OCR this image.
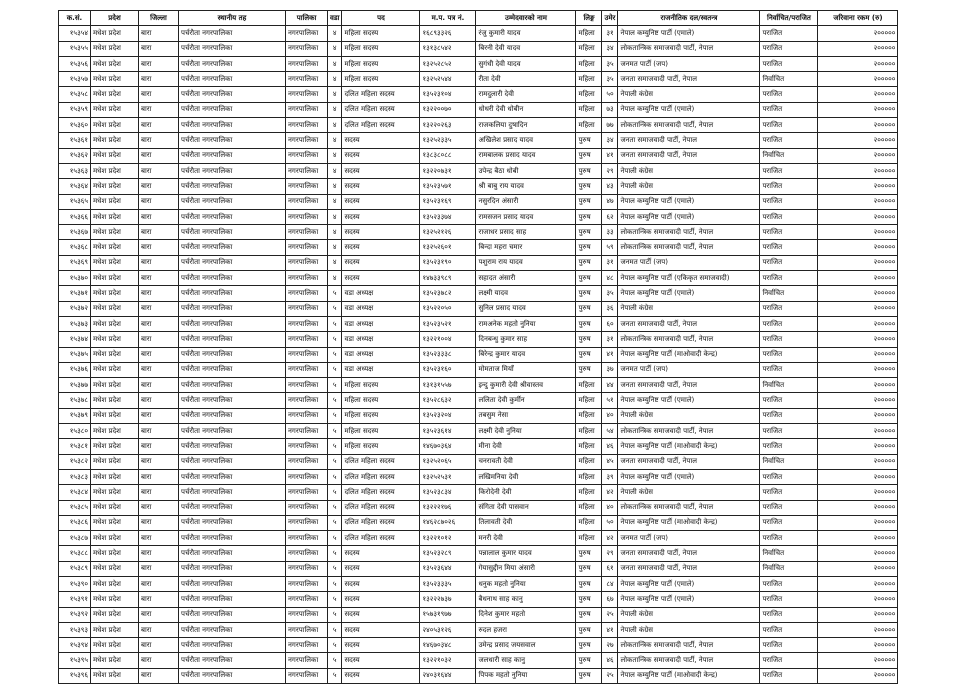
क.सं.	प्रदेश	जिल्ला	स्थानीय तह	पालिका	वडा	पद	म.प. पत्र नं.	उम्मेदवारको नाम	लिङ्ग	उमेर	राजनीतिक दल/स्वतन्त्र	निर्वाचित/पराजित	जरिवाना रकम (रु)
१५३५४	मधेश प्रदेश	बारा	पर्चरौता नगरपालिका	नगरपालिका	४	महिला सदस्य	१६८९३३२६	रंजु कुमारी यादव	महिला	३१	नेपाल कम्युनिष्ट पार्टी (एमाले)	पराजित	२०००००
१५३५५	मधेश प्रदेश	बारा	पर्चरौता नगरपालिका	नगरपालिका	४	महिला सदस्य	१३१३८५४२	बिरनी देवी यादव	महिला	३४	लोकतान्त्रिक समाजवादी पार्टी, नेपाल	पराजित	२०००००
१५३५६	मधेश प्रदेश	बारा	पर्चरौता नगरपालिका	नगरपालिका	४	महिला सदस्य	१३२५२८५२	सुगंधी देवी यादव	महिला	३५	जनमत पार्टी (जप)	पराजित	२०००००
१५३५७	मधेश प्रदेश	बारा	पर्चरौता नगरपालिका	नगरपालिका	४	महिला सदस्य	१३२५२५४४	रीता देवी	महिला	३५	जनता समाजवादी पार्टी, नेपाल	निर्वाचित	२०००००
१५३५८	मधेश प्रदेश	बारा	पर्चरौता नगरपालिका	नगरपालिका	४	दलित महिला सदस्य	१३५२३१०४	रामदुलारी देवी	महिला	५०	नेपाली कंग्रेस	पराजित	२०००००
१५३५९	मधेश प्रदेश	बारा	पर्चरौता नगरपालिका	नगरपालिका	४	दलित महिला सदस्य	१३२२००७०	धोधरी देवी धोबीन	महिला	७३	नेपाल कम्युनिष्ट पार्टी (एमाले)	पराजित	२०००००
१५३६०	मधेश प्रदेश	बारा	पर्चरौता नगरपालिका	नगरपालिका	४	दलित महिला सदस्य	१३२२०२६३	राजकलिया दुषादिन	महिला	७७	लोकतान्त्रिक समाजवादी पार्टी, नेपाल	पराजित	२०००००
१५३६१	मधेश प्रदेश	बारा	पर्चरौता नगरपालिका	नगरपालिका	४	सदस्य	१३२५२३३५	अखिलेश प्रसाद यादव	पुरुष	३४	जनता समाजवादी पार्टी, नेपाल	पराजित	२०००००
१५३६२	मधेश प्रदेश	बारा	पर्चरौता नगरपालिका	नगरपालिका	४	सदस्य	१३८३८०८८	रामबालक प्रसाद यादव	पुरुष	४१	जनता समाजवादी पार्टी, नेपाल	निर्वाचित	२०००००
१५३६३	मधेश प्रदेश	बारा	पर्चरौता नगरपालिका	नगरपालिका	४	सदस्य	१३२२०७३१	उपेन्द्र बैठा धोबी	पुरुष	२९	नेपाली कंग्रेस	पराजित	२०००००
१५३६४	मधेश प्रदेश	बारा	पर्चरौता नगरपालिका	नगरपालिका	४	सदस्य	१३५२३५७१	श्री बाबु राय यादव	पुरुष	४३	नेपाली कंग्रेस	पराजित	२०००००
१५३६५	मधेश प्रदेश	बारा	पर्चरौता नगरपालिका	नगरपालिका	४	सदस्य	१३५२३१६९	नसुरदिन अंसारी	पुरुष	४७	नेपाल कम्युनिष्ट पार्टी (एमाले)	पराजित	२०००००
१५३६६	मधेश प्रदेश	बारा	पर्चरौता नगरपालिका	नगरपालिका	४	सदस्य	१३५२३३७४	रामसजन प्रसाद यादव	पुरुष	६२	नेपाल कम्युनिष्ट पार्टी (एमाले)	पराजित	२०००००
१५३६७	मधेश प्रदेश	बारा	पर्चरौता नगरपालिका	नगरपालिका	४	सदस्य	१३२५२१२६	राजाधर प्रसाद साह	पुरुष	३३	लोकतान्त्रिक समाजवादी पार्टी, नेपाल	पराजित	२०००००
१५३६८	मधेश प्रदेश	बारा	पर्चरौता नगरपालिका	नगरपालिका	४	सदस्य	१३२५२६०१	बिन्दा महरा चमार	पुरुष	५९	लोकतान्त्रिक समाजवादी पार्टी, नेपाल	पराजित	२०००००
१५३६९	मधेश प्रदेश	बारा	पर्चरौता नगरपालिका	नगरपालिका	४	सदस्य	१३५२३१९०	पशुराम राय यादव	पुरुष	३१	जनमत पार्टी (जप)	पराजित	२०००००
१५३७०	मधेश प्रदेश	बारा	पर्चरौता नगरपालिका	नगरपालिका	४	सदस्य	१४७३३९८९	सहादत अंसारी	पुरुष	४८	नेपाल कम्युनिष्ट पार्टी (एकिकृत समाजवादी)	पराजित	२०००००
१५३७१	मधेश प्रदेश	बारा	पर्चरौता नगरपालिका	नगरपालिका	५	वडा अध्यक्ष	१३५२३७८२	लक्ष्मी यादव	पुरुष	३५	नेपाल कम्युनिष्ट पार्टी (एमाले)	निर्वाचित	२०००००
१५३७२	मधेश प्रदेश	बारा	पर्चरौता नगरपालिका	नगरपालिका	५	वडा अध्यक्ष	१३५२२०५०	सुनिल प्रसाद यादव	पुरुष	३६	नेपाली कंग्रेस	पराजित	२०००००
१५३७३	मधेश प्रदेश	बारा	पर्चरौता नगरपालिका	नगरपालिका	५	वडा अध्यक्ष	१३५२३५२१	रामअनेक महतो नुनिया	पुरुष	६०	जनता समाजवादी पार्टी, नेपाल	पराजित	२०००००
१५३७४	मधेश प्रदेश	बारा	पर्चरौता नगरपालिका	नगरपालिका	५	वडा अध्यक्ष	१३२२१००४	दिनबन्धु कुमार साह	पुरुष	३१	लोकतान्त्रिक समाजवादी पार्टी, नेपाल	पराजित	२०००००
१५३७५	मधेश प्रदेश	बारा	पर्चरौता नगरपालिका	नगरपालिका	५	वडा अध्यक्ष	१३५२३३३८	बिरेन्द्र कुमार यादव	पुरुष	४१	नेपाल कम्युनिष्ट पार्टी (माओवादी केन्द्र)	पराजित	२०००००
१५३७६	मधेश प्रदेश	बारा	पर्चरौता नगरपालिका	नगरपालिका	५	वडा अध्यक्ष	१३५२३१६०	मोमताज मियाँ	पुरुष	३७	जनमत पार्टी (जप)	पराजित	२०००००
१५३७७	मधेश प्रदेश	बारा	पर्चरौता नगरपालिका	नगरपालिका	५	महिला सदस्य	१३१३१५५७	इन्दु कुमारी देवी श्रीवास्तव	महिला	४४	जनता समाजवादी पार्टी, नेपाल	निर्वाचित	२०००००
१५३७८	मधेश प्रदेश	बारा	पर्चरौता नगरपालिका	नगरपालिका	५	महिला सदस्य	१३५२८६३२	ललिता देवी कुर्मीन	महिला	५१	नेपाल कम्युनिष्ट पार्टी (एमाले)	पराजित	२०००००
१५३७९	मधेश प्रदेश	बारा	पर्चरौता नगरपालिका	नगरपालिका	५	महिला सदस्य	१३५२३२०४	तबसुम नेसा	महिला	४०	नेपाली कंग्रेस	पराजित	२०००००
१५३८०	मधेश प्रदेश	बारा	पर्चरौता नगरपालिका	नगरपालिका	५	महिला सदस्य	१३५२३६१४	लक्ष्मी देवी नुनिया	महिला	५४	लोकतान्त्रिक समाजवादी पार्टी, नेपाल	पराजित	२०००००
१५३८१	मधेश प्रदेश	बारा	पर्चरौता नगरपालिका	नगरपालिका	५	महिला सदस्य	१४६७०३६४	मीना देवी	महिला	४६	नेपाल कम्युनिष्ट पार्टी (माओवादी केन्द्र)	पराजित	२०००००
१५३८२	मधेश प्रदेश	बारा	पर्चरौता नगरपालिका	नगरपालिका	५	दलित महिला सदस्य	१३२५२०६५	चनरावती देवी	महिला	४५	जनता समाजवादी पार्टी, नेपाल	निर्वाचित	२०००००
१५३८३	मधेश प्रदेश	बारा	पर्चरौता नगरपालिका	नगरपालिका	५	दलित महिला सदस्य	१३२५२५३१	लखिमनिया देवी	महिला	३९	नेपाल कम्युनिष्ट पार्टी (एमाले)	पराजित	२०००००
१५३८४	मधेश प्रदेश	बारा	पर्चरौता नगरपालिका	नगरपालिका	५	दलित महिला सदस्य	१३५२३८३४	किरोदेनी देवी	महिला	४२	नेपाली कंग्रेस	पराजित	२०००००
१५३८५	मधेश प्रदेश	बारा	पर्चरौता नगरपालिका	नगरपालिका	५	दलित महिला सदस्य	१३२२२१७६	संगिता देवी पासवान	महिला	४०	लोकतान्त्रिक समाजवादी पार्टी, नेपाल	पराजित	२०००००
१५३८६	मधेश प्रदेश	बारा	पर्चरौता नगरपालिका	नगरपालिका	५	दलित महिला सदस्य	१४६२८७०२६	तिलावती देवी	महिला	५०	नेपाल कम्युनिष्ट पार्टी (माओवादी केन्द्र)	पराजित	२०००००
१५३८७	मधेश प्रदेश	बारा	पर्चरौता नगरपालिका	नगरपालिका	५	दलित महिला सदस्य	१३२२१०१२	मनरी देवी	महिला	४२	जनमत पार्टी (जप)	पराजित	२०००००
१५३८८	मधेश प्रदेश	बारा	पर्चरौता नगरपालिका	नगरपालिका	५	सदस्य	१३५२३२८९	पन्नालाल कुमार यादव	पुरुष	२९	जनता समाजवादी पार्टी, नेपाल	निर्वाचित	२०००००
१५३८९	मधेश प्रदेश	बारा	पर्चरौता नगरपालिका	नगरपालिका	५	सदस्य	१३५२३६४४	गेयासुद्दीन मिया अंसारी	पुरुष	६१	जनता समाजवादी पार्टी, नेपाल	निर्वाचित	२०००००
१५३९०	मधेश प्रदेश	बारा	पर्चरौता नगरपालिका	नगरपालिका	५	सदस्य	१३५२३३३५	धनुक महतो नुनिया	पुरुष	८४	नेपाल कम्युनिष्ट पार्टी (एमाले)	पराजित	२०००००
१५३९१	मधेश प्रदेश	बारा	पर्चरौता नगरपालिका	नगरपालिका	५	सदस्य	१३२२२७३७	बैधनाथ साह कानु	पुरुष	६७	नेपाल कम्युनिष्ट पार्टी (एमाले)	पराजित	२०००००
१५३९२	मधेश प्रदेश	बारा	पर्चरौता नगरपालिका	नगरपालिका	५	सदस्य	१५७३१९७७	दिनेश कुमार महतो	पुरुष	२५	नेपाली कंग्रेस	पराजित	२०००००
१५३९३	मधेश प्रदेश	बारा	पर्चरौता नगरपालिका	नगरपालिका	५	सदस्य	२४०५३१२६	रुदल हजरा	पुरुष	४१	नेपाली कंग्रेस	पराजित	२०००००
१५३९४	मधेश प्रदेश	बारा	पर्चरौता नगरपालिका	नगरपालिका	५	सदस्य	१४६७०३४८	उमेन्द्र प्रसाद जयसवाल	पुरुष	२७	लोकतान्त्रिक समाजवादी पार्टी, नेपाल	पराजित	२०००००
१५३९५	मधेश प्रदेश	बारा	पर्चरौता नगरपालिका	नगरपालिका	५	सदस्य	१३२२१०३२	जलधारी साह कानु	पुरुष	४६	लोकतान्त्रिक समाजवादी पार्टी, नेपाल	पराजित	२०००००
१५३९६	मधेश प्रदेश	बारा	पर्चरौता नगरपालिका	नगरपालिका	५	सदस्य	२४०३१६४४	पिपक महतो नुनिया	पुरुष	२५	नेपाल कम्युनिष्ट पार्टी (माओवादी केन्द्र)	पराजित	२०००००
